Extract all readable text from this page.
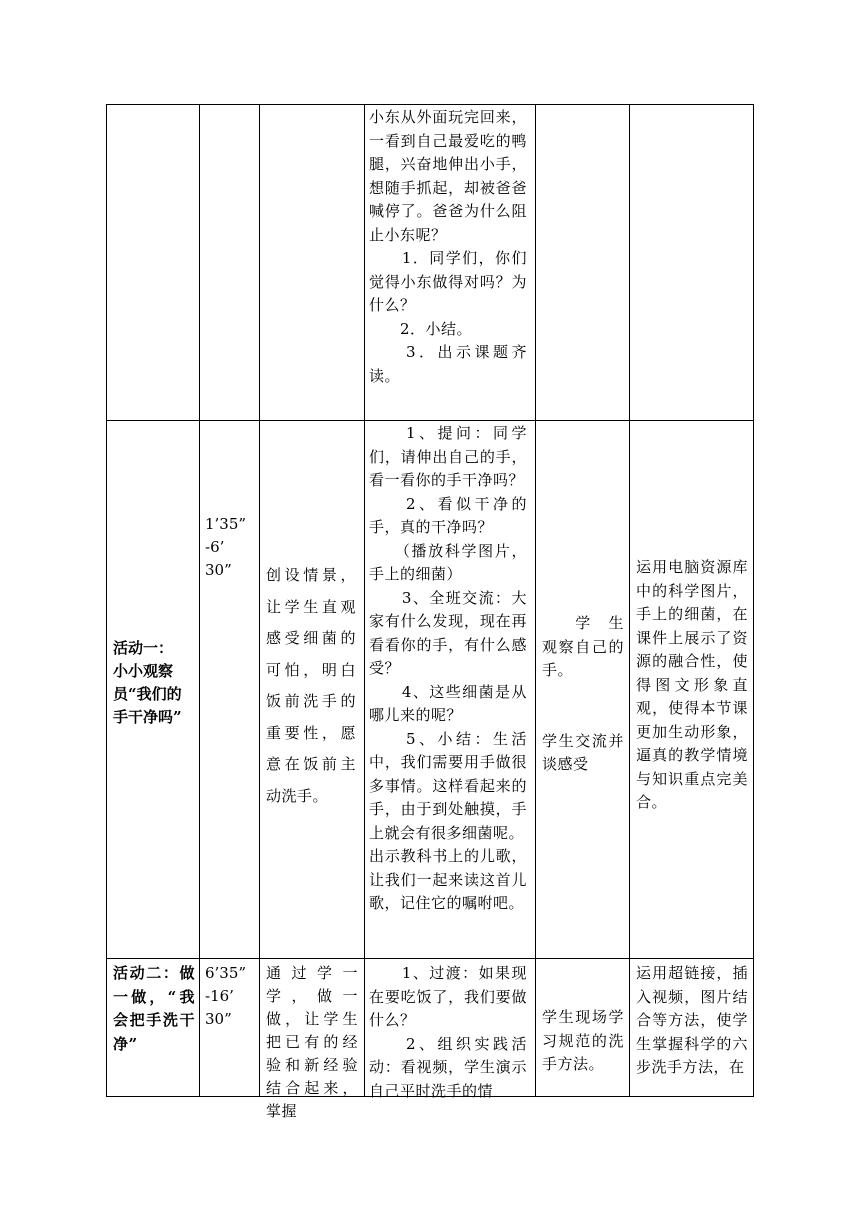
小东从外面玩完回来，一看到自己最爱吃的鸭腿，兴奋地伸出小手，想随手抓起，却被爸爸喊停了。爸爸为什么阻止小东呢？
　　1．同学们，你们觉得小东做得对吗？为什么？
　　2．小结。
　　3．出示课题齐读。
活动一：
小小观察员“我们的手干净吗”
1’35”
-6’
30”	创设情景，让学生直观感受细菌的可怕，明白饭前洗手的重要性，愿意在饭前主动洗手。
　　1、提问：同学们，请伸出自己的手，看一看你的手干净吗？
　　2、看似干净的手，真的干净吗？
　　（播放科学图片，手上的细菌）
　　3、全班交流：大家有什么发现，现在再看看你的手，有什么感受？
　　4、这些细菌是从哪儿来的呢？
　　5、小结：生活中，我们需要用手做很多事情。这样看起来的手，由于到处触摸，手上就会有很多细菌呢。
出示教科书上的儿歌，让我们一起来读这首儿歌，记住它的嘱咐吧。
　　学　生观察自己的手。

学生交流并谈感受
运用电脑资源库中的科学图片，手上的细菌，在课件上展示了资源的融合性，使得图文形象直观，使得本节课更加生动形象，逼真的教学情境与知识重点完美合。
活动二：做一做，“我会把手洗干净”
6’35”
-16’
30”
通过学一学，做一做，让学生把已有的经验和新经验结合起来，掌握
　　1、过渡：如果现在要吃饭了，我们要做什么？
　　2、组织实践活动：看视频，学生演示自己平时洗手的情
学生现场学习规范的洗手方法。
运用超链接，插入视频，图片结合等方法，使学生掌握科学的六步洗手方法，在
